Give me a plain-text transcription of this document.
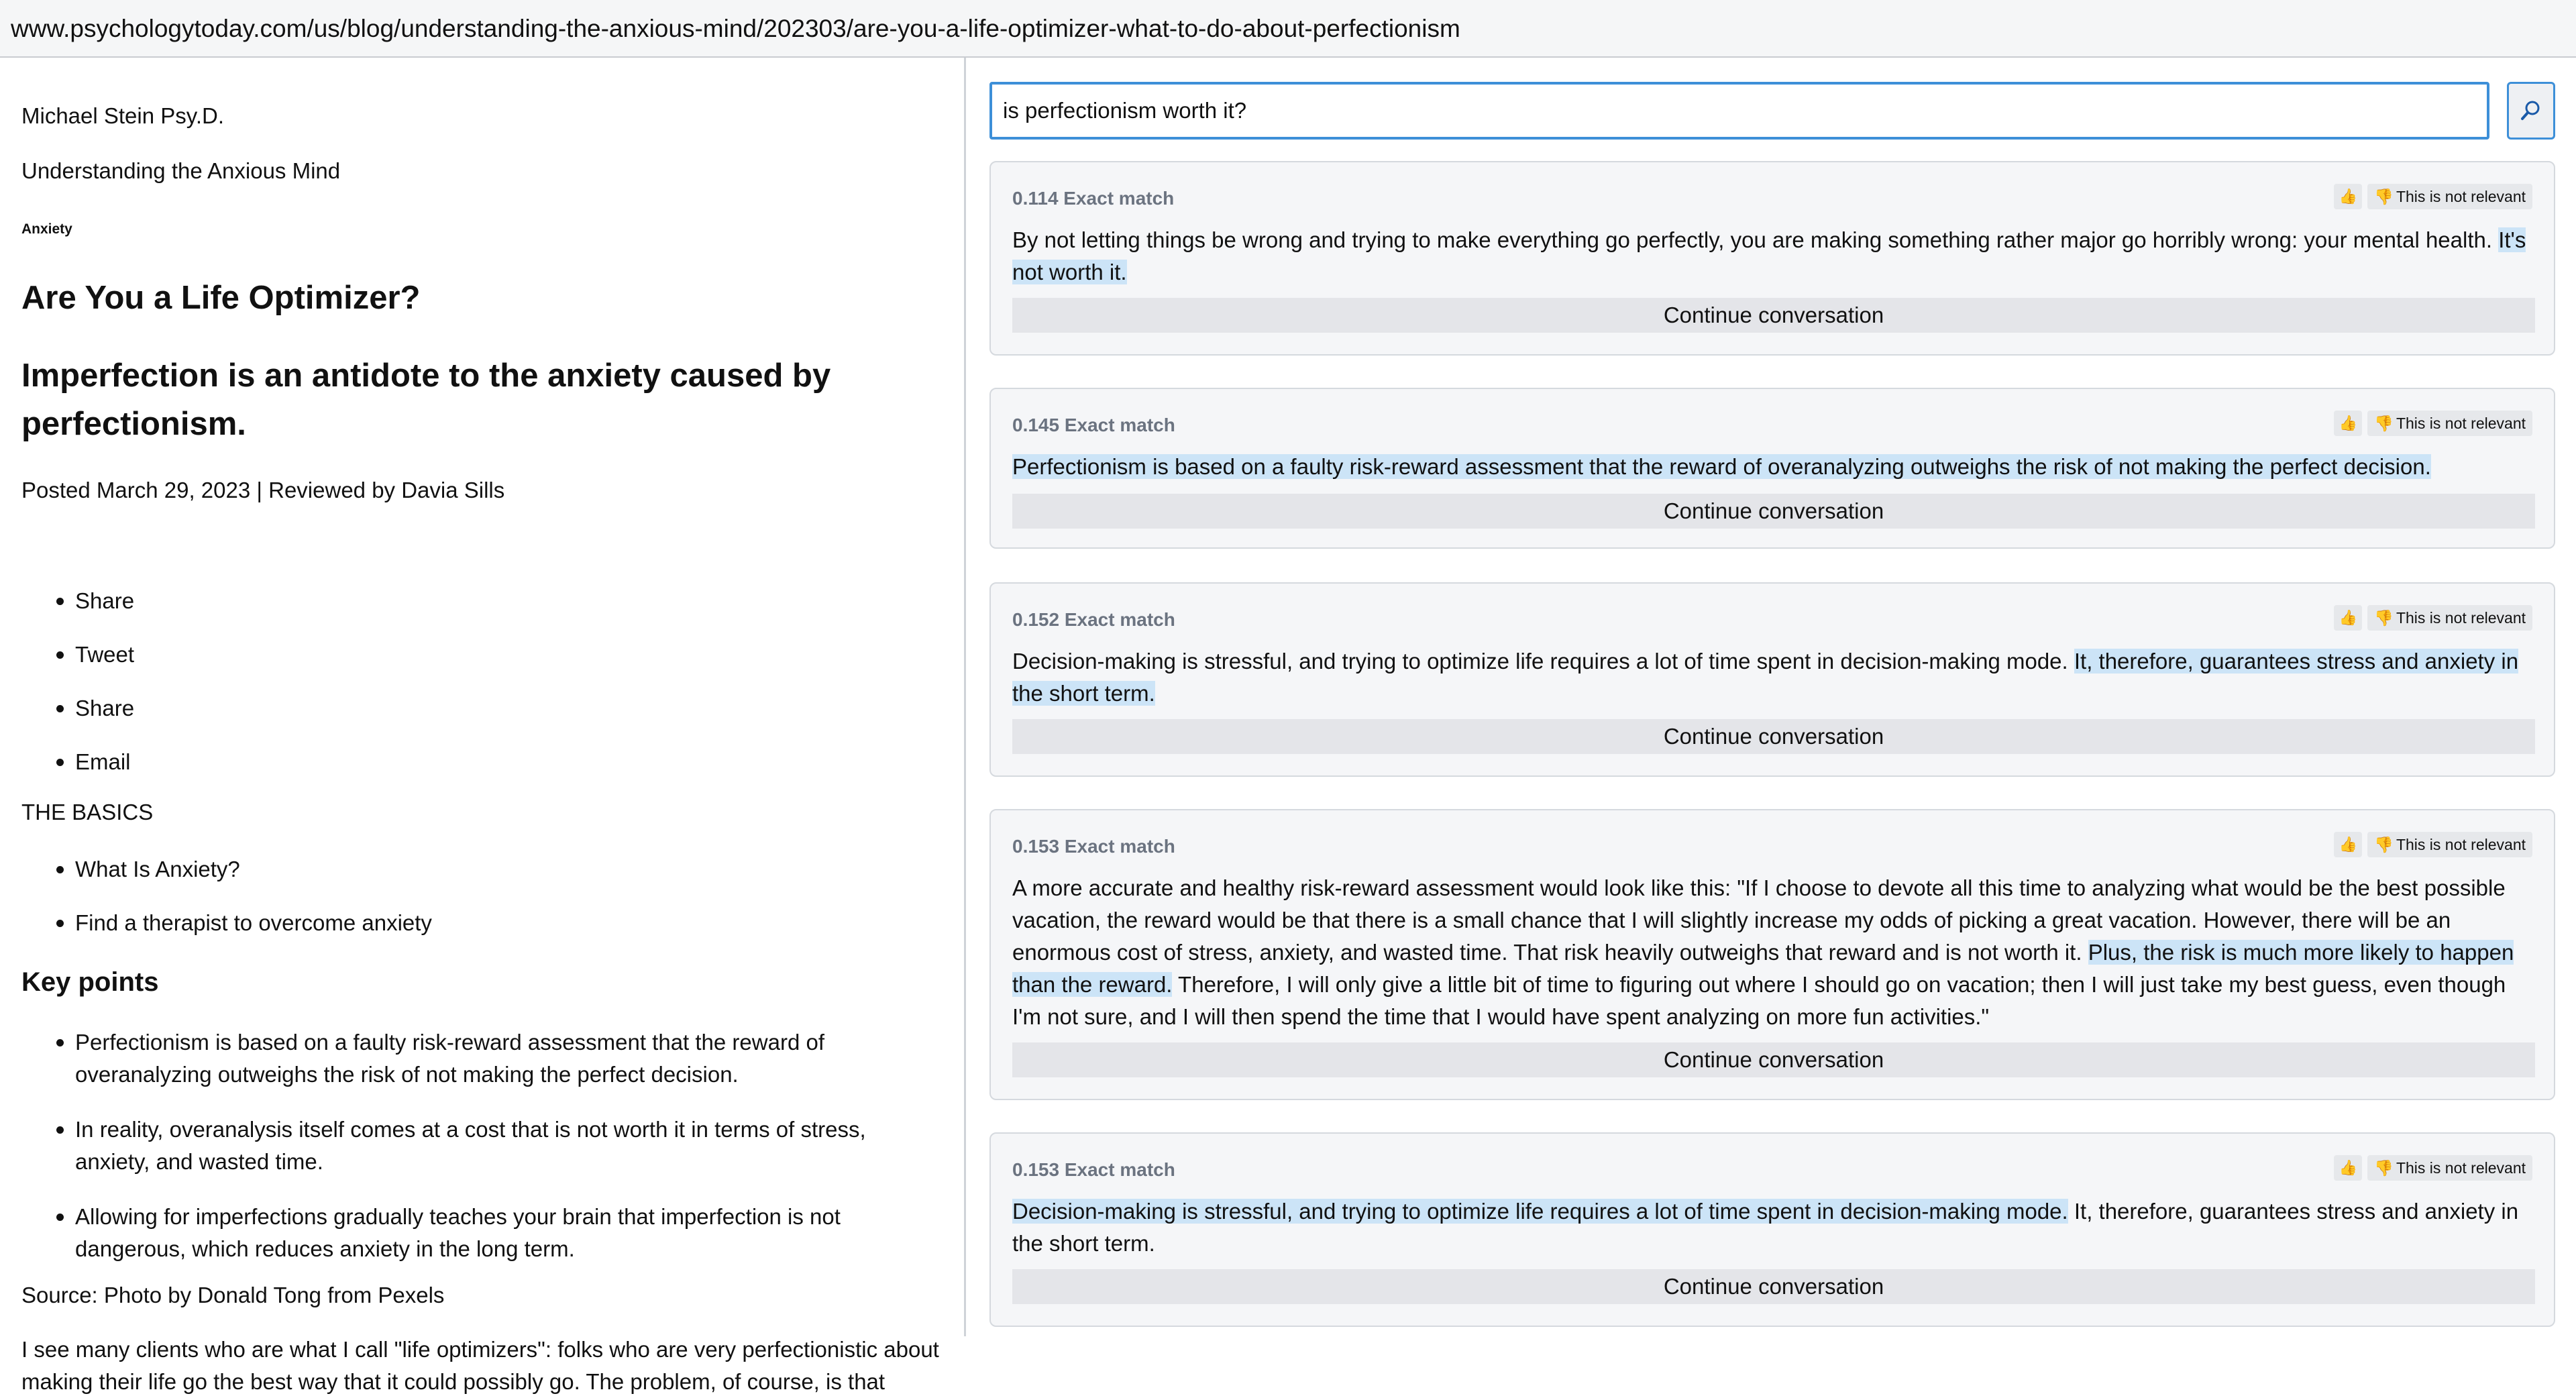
www.psychologytoday.com/us/blog/understanding-the-anxious-mind/202303/are-you-a-life-optimizer-what-to-do-about-perfectionism
Michael Stein Psy.D.
Understanding the Anxious Mind
Anxiety
Are You a Life Optimizer?
Imperfection is an antidote to the anxiety caused by perfectionism.
Posted March 29, 2023 | Reviewed by Davia Sills
Share
Tweet
Share
Email
THE BASICS
What Is Anxiety?
Find a therapist to overcome anxiety
Key points
Perfectionism is based on a faulty risk-reward assessment that the reward of overanalyzing outweighs the risk of not making the perfect decision.
In reality, overanalysis itself comes at a cost that is not worth it in terms of stress, anxiety, and wasted time.
Allowing for imperfections gradually teaches your brain that imperfection is not dangerous, which reduces anxiety in the long term.
Source: Photo by Donald Tong from Pexels
I see many clients who are what I call "life optimizers": folks who are very perfectionistic about making their life go the best way that it could possibly go. The problem, of course, is that
is perfectionism worth it?
0.114 Exact match	👍 👎 This is not relevant
By not letting things be wrong and trying to make everything go perfectly, you are making something rather major go horribly wrong: your mental health. It's not worth it.
Continue conversation
0.145 Exact match	👍 👎 This is not relevant
Perfectionism is based on a faulty risk-reward assessment that the reward of overanalyzing outweighs the risk of not making the perfect decision.
Continue conversation
0.152 Exact match	👍 👎 This is not relevant
Decision-making is stressful, and trying to optimize life requires a lot of time spent in decision-making mode. It, therefore, guarantees stress and anxiety in the short term.
Continue conversation
0.153 Exact match	👍 👎 This is not relevant
A more accurate and healthy risk-reward assessment would look like this: "If I choose to devote all this time to analyzing what would be the best possible vacation, the reward would be that there is a small chance that I will slightly increase my odds of picking a great vacation. However, there will be an enormous cost of stress, anxiety, and wasted time. That risk heavily outweighs that reward and is not worth it. Plus, the risk is much more likely to happen than the reward. Therefore, I will only give a little bit of time to figuring out where I should go on vacation; then I will just take my best guess, even though I'm not sure, and I will then spend the time that I would have spent analyzing on more fun activities."
Continue conversation
0.153 Exact match	👍 👎 This is not relevant
Decision-making is stressful, and trying to optimize life requires a lot of time spent in decision-making mode. It, therefore, guarantees stress and anxiety in the short term.
Continue conversation
